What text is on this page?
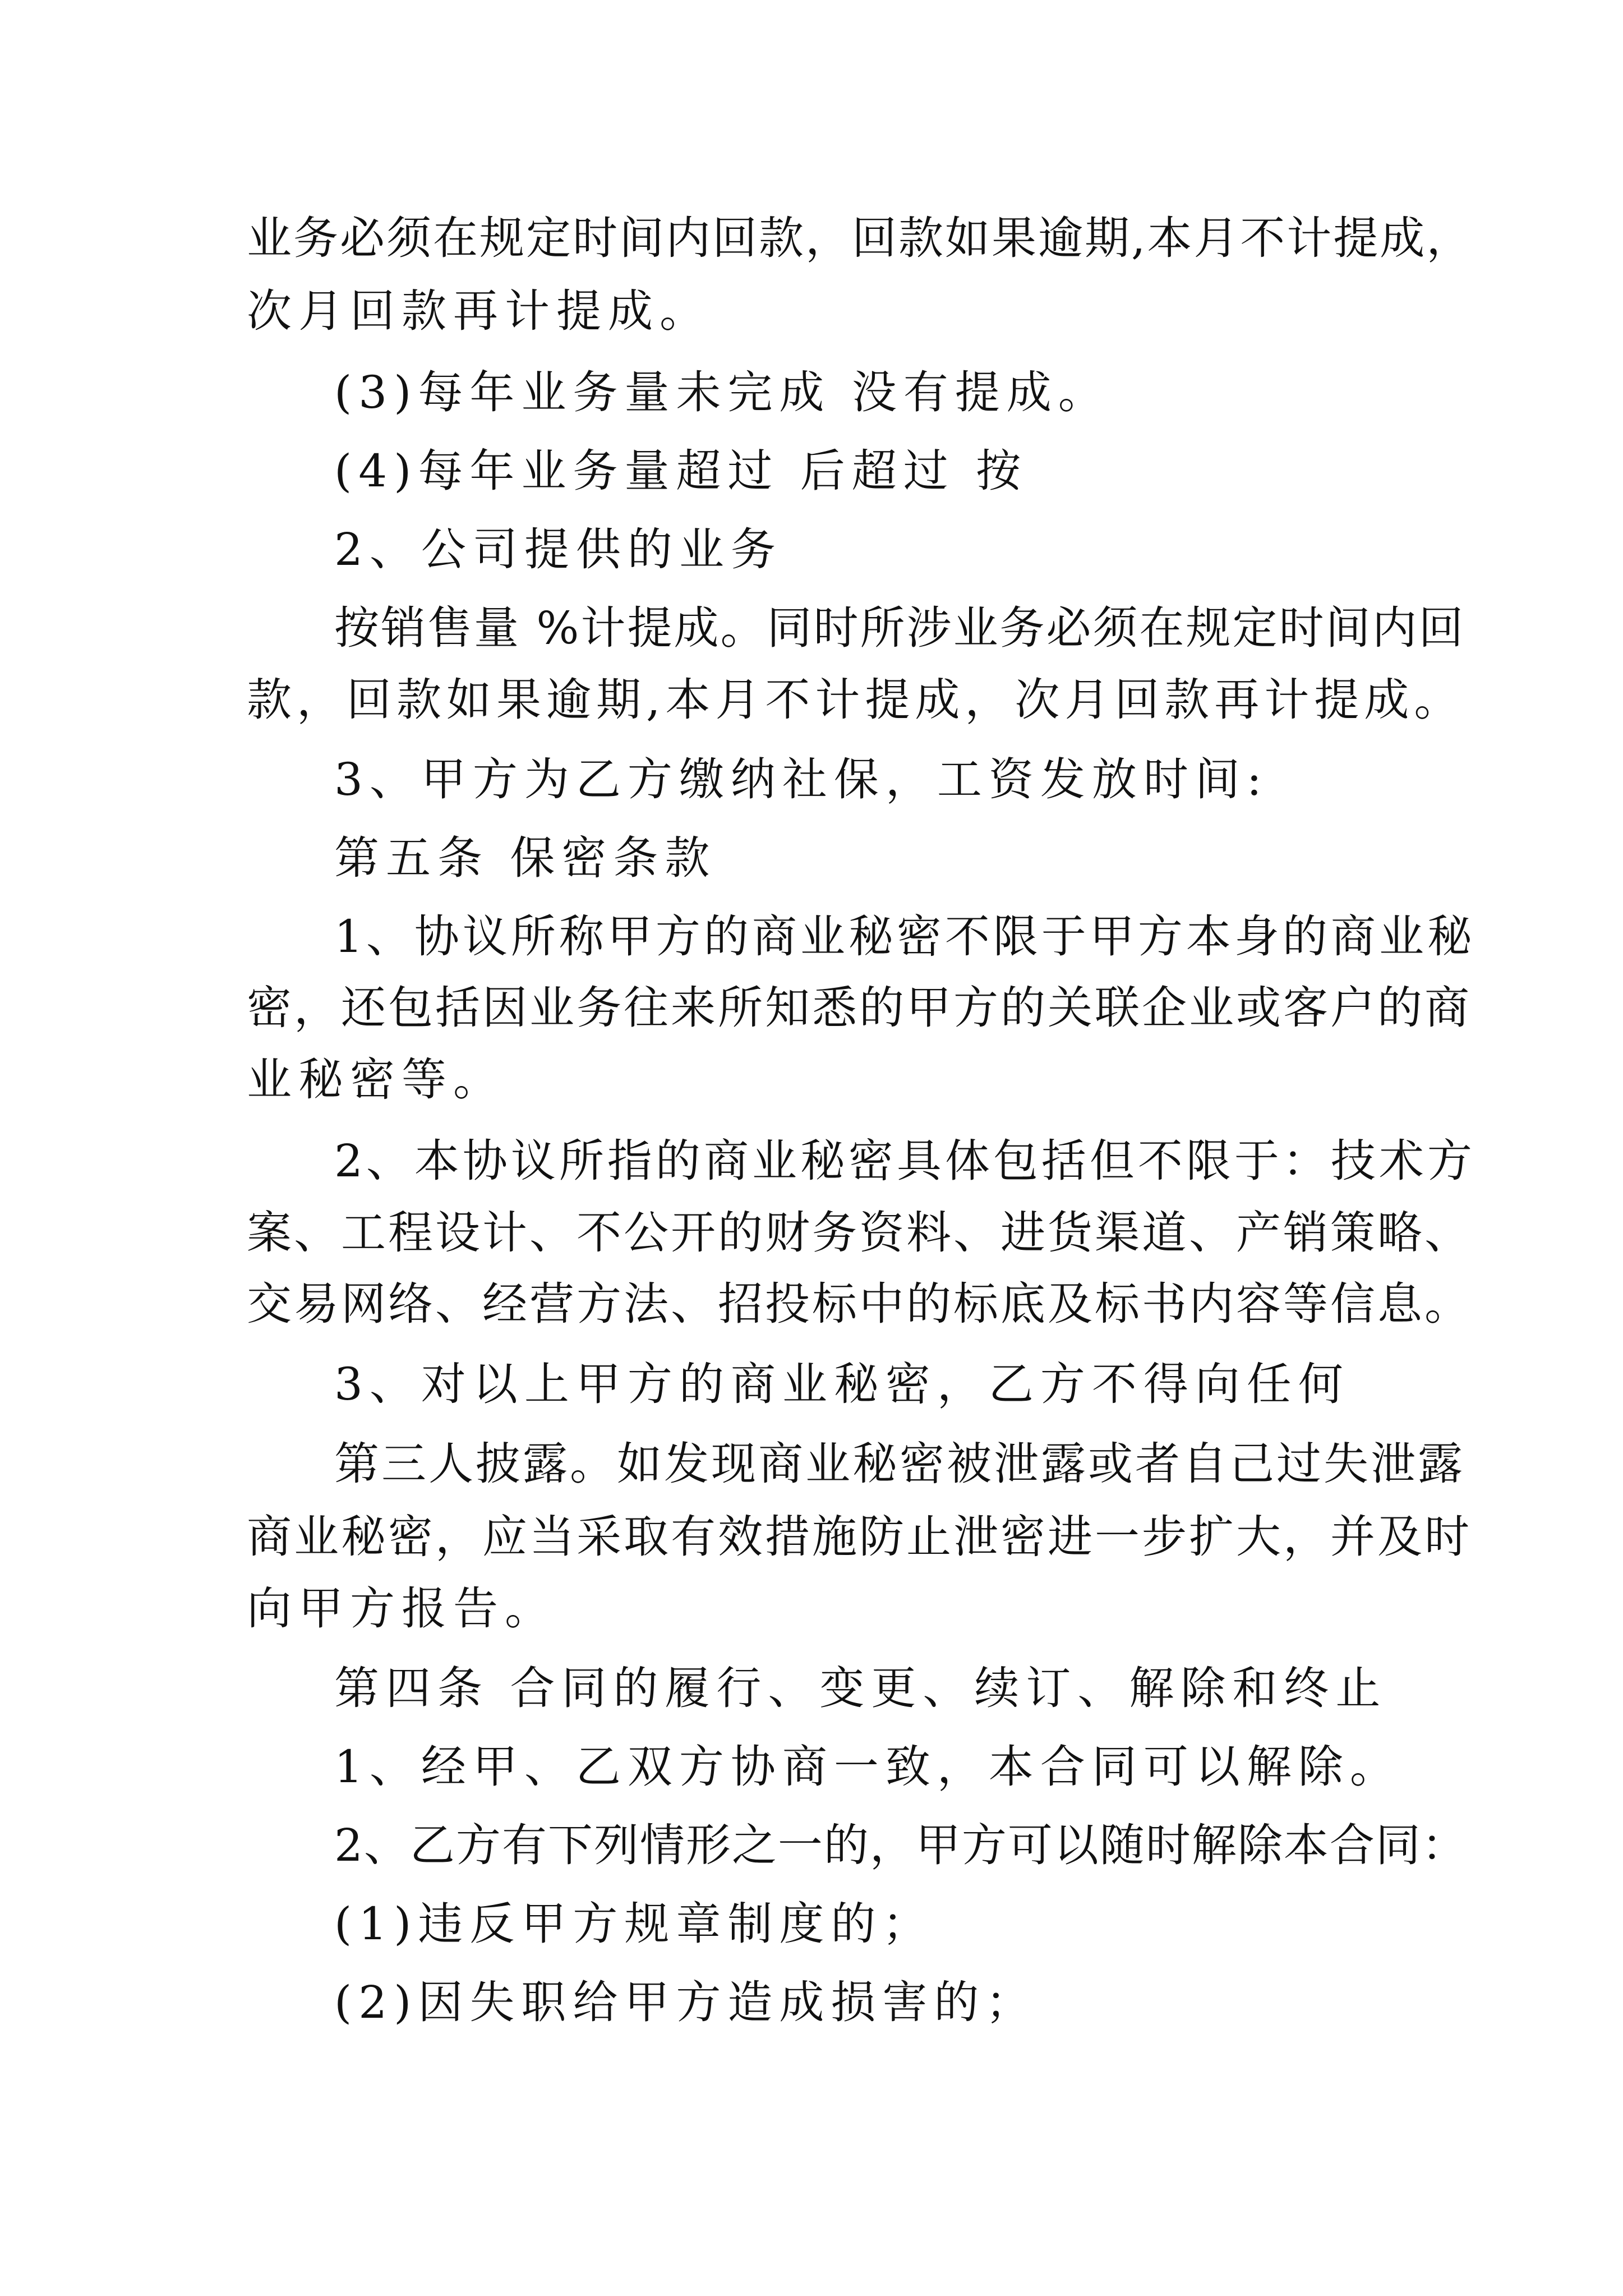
业务必须在规定时间内回款，回款如果逾期,本月不计提成，

次月回款再计提成。

(3)每年业务量未完成 没有提成。

(4)每年业务量超过 后超过 按

2、公司提供的业务

按销售量 %计提成。同时所涉业务必须在规定时间内回

款，回款如果逾期,本月不计提成，次月回款再计提成。

3、甲方为乙方缴纳社保，工资发放时间:

第五条 保密条款

1、协议所称甲方的商业秘密不限于甲方本身的商业秘

密，还包括因业务往来所知悉的甲方的关联企业或客户的商

业秘密等。

2、本协议所指的商业秘密具体包括但不限于：技术方

案、工程设计、不公开的财务资料、进货渠道、产销策略、

交易网络、经营方法、招投标中的标底及标书内容等信息。

3、对以上甲方的商业秘密，乙方不得向任何

第三人披露。如发现商业秘密被泄露或者自己过失泄露

商业秘密，应当采取有效措施防止泄密进一步扩大，并及时

向甲方报告。

第四条 合同的履行、变更、续订、解除和终止

1、经甲、乙双方协商一致，本合同可以解除。

2、乙方有下列情形之一的，甲方可以随时解除本合同：

(1)违反甲方规章制度的；

(2)因失职给甲方造成损害的；
